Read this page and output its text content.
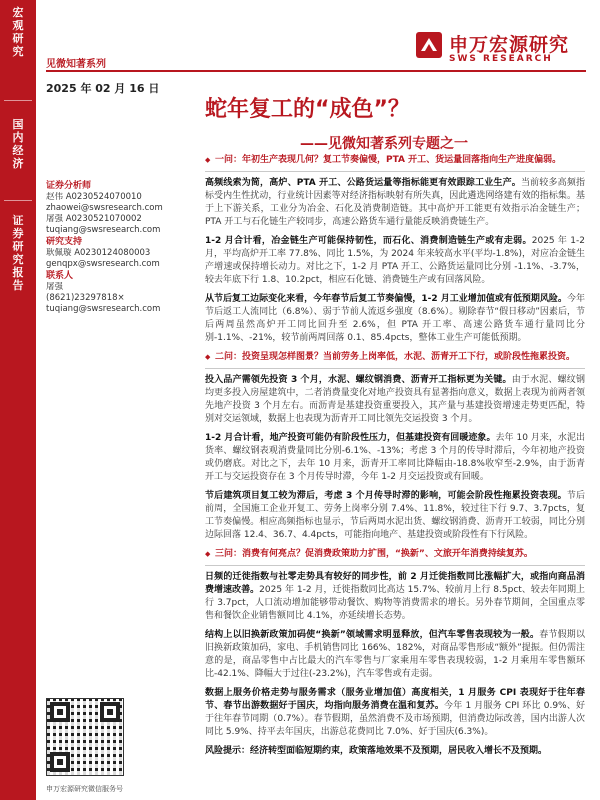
宏
观
研
究
国
内
经
济
证
券
研
究
报
告
见微知著系列
申万宏源研究
SWS RESEARCH
2025 年 02 月 16 日
蛇年复工的“成色”？
——见微知著系列专题之一
证券分析师
赵伟 A0230524070010
zhaowei@swsresearch.com
屠强 A0230521070002
tuqiang@swsresearch.com
研究支持
耿佩璇 A0230124080003
genqpx@swsresearch.com
联系人
屠强
(8621)23297818×
tuqiang@swsresearch.com
申万宏源研究微信服务号
◆ 一问：年初生产表现几何？复工节奏偏慢，PTA 开工、货运量回落指向生产进度偏弱。
高频线索为简，高炉、PTA 开工、公路货运量等指标能更有效跟踪工业生产。当前较多高频指标受内生性扰动，行业统计因素等对经济指标映射有所失真，因此遴选网络建有效的指标集。基于上下游关系，工业分为冶金、石化及消费制造链。其中高炉开工能更有效指示冶金链生产；PTA 开工与石化链生产较同步，高速公路货车通行量能反映消费链生产。
1-2 月合计看，冶金链生产可能保持韧性，而石化、消费制造链生产或有走弱。2025 年 1-2 月，平均高炉开工率 77.8%、同比 1.5%，为 2024 年来较高水平(平均-1.8%)，对应冶金链生产增速或保持增长动力。对比之下，1-2 月 PTA 开工、公路货运量同比分别 -1.1%、-3.7%，较去年底下行 1.8、10.2pct，相应石化链、消费链生产或有回落风险。
从节后复工边际变化来看，今年春节后复工节奏偏慢，1-2 月工业增加值或有低预期风险。今年节后返工人流同比（6.8%）、弱于节前人流返乡强度（8.6%）。剔除春节“假日移动”因素后，节后两周虽然高炉开工同比回升至 2.6%，但 PTA 开工率、高速公路货车通行量同比分别-1.1%、-21%，较节前两周回落 0.1、85.4pcts，整体工业生产可能低预期。
◆ 二问：投资呈现怎样图景？当前劳务上岗率低，水泥、沥青开工下行，或阶段性拖累投资。
投入品产需领先投资 3 个月，水泥、螺纹钢消费、沥青开工指标更为关键。由于水泥、螺纹钢均更多投入房屋建筑中，二者消费量变化对地产投资具有显著指向意义，数据上表现为前两者领先地产投资 3 个月左右。而沥青是基建投资重要投入，其产量与基建投资增速走势更匹配，特别对交运领域，数据上也表现为沥青开工同比领先交运投资 3 个月。
1-2 月合计看，地产投资可能仍有阶段性压力，但基建投资有回暖迹象。去年 10 月来，水泥出货率、螺纹钢表观消费量同比分别-6.1%、-13%；考虑 3 个月的传导时滞后，今年初地产投资或仍磨底。对比之下，去年 10 月来，沥青开工率同比降幅由-18.8%收窄至-2.9%，由于沥青开工与交运投资存在 3 个月传导时滞，今年 1-2 月交运投资或有回暖。
节后建筑项目复工较为滞后，考虑 3 个月传导时滞的影响，可能会阶段性拖累投资表现。节后前周，全国施工企业开复工、劳务上岗率分别 7.4%、11.8%，较过往下行 9.7、3.7pcts，复工节奏偏慢。相应高频指标也显示，节后两周水泥出货、螺纹钢消费、沥青开工较弱，同比分别边际回落 12.4、36.7、4.4pcts，可能指向地产、基建投资或阶段性有下行风险。
◆ 三问：消费有何亮点？促消费政策助力扩围，“换新”、文旅开年消费持续复苏。
日频的迁徙指数与社零走势具有较好的同步性，前 2 月迁徙指数同比涨幅扩大，或指向商品消费增速改善。2025 年 1-2 月，迁徙指数同比高达 15.7%、较前月上行 8.5pct、较去年同期上行 3.7pct，人口流动增加能够带动餐饮、购物等消费需求的增长。另外春节期间，全国重点零售和餐饮企业销售额同比 4.1%，亦延续增长态势。
结构上以旧换新政策加码使“换新”领域需求明显释放，但汽车零售表现较为一般。春节假期以旧换新政策加码，家电、手机销售同比 166%、182%，对商品零售形成“额外”提振。但仍需注意的是，商品零售中占比最大的汽车零售与厂家乘用车零售表现较弱，1-2 月乘用车零售额环比-42.1%、降幅大于过往(-23.2%)，汽车零售或有走弱。
数据上服务价格走势与服务需求（服务业增加值）高度相关，1 月服务 CPI 表现好于往年春节、春节出游数据好于国庆，均指向服务消费在温和复苏。今年 1 月服务 CPI 环比 0.9%、好于往年春节同期（0.7%）。春节假期，虽然消费不及市场预期，但消费边际改善，国内出游人次同比 5.9%、持平去年国庆，出游总花费同比 7.0%、好于国庆(6.3%)。
风险提示：经济转型面临短期约束，政策落地效果不及预期，居民收入增长不及预期。
